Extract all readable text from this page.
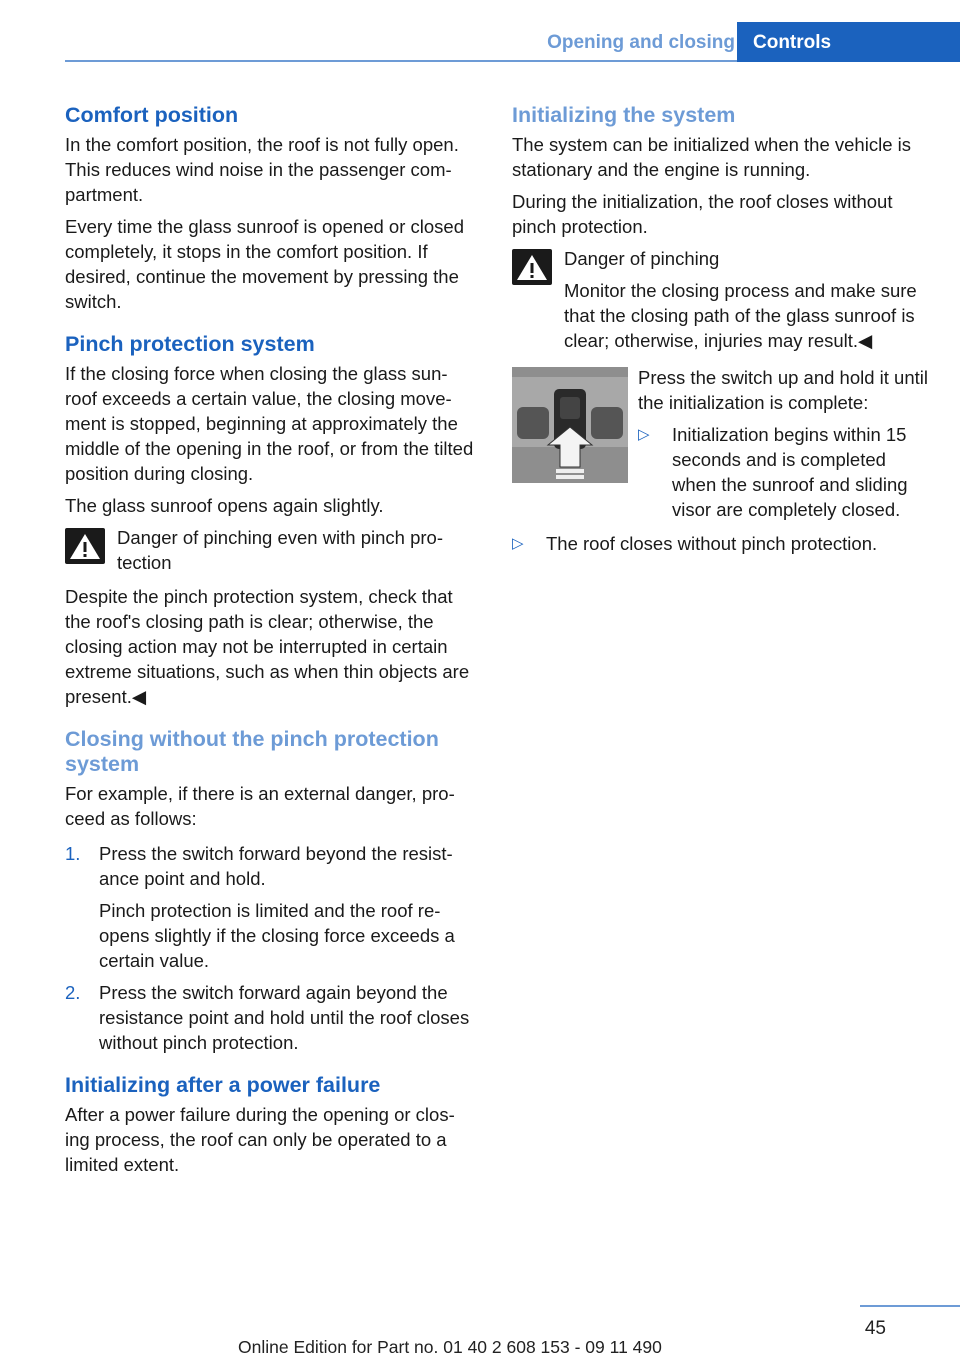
Opening and closing Controls
Comfort position

In the comfort position, the roof is not fully open. This reduces wind noise in the passenger com‐ partment.

Every time the glass sunroof is opened or closed completely, it stops in the comfort position. If desired, continue the movement by pressing the switch.

Pinch protection system

If the closing force when closing the glass sun‐ roof exceeds a certain value, the closing move‐ ment is stopped, beginning at approximately the middle of the opening in the roof, or from the tilted position during closing.

The glass sunroof opens again slightly.

Danger of pinching even with pinch pro‐ tection

Despite the pinch protection system, check that the roof's closing path is clear; otherwise, the closing action may not be interrupted in certain extreme situations, such as when thin objects are present.◀

Closing without the pinch protection system

For example, if there is an external danger, pro‐ ceed as follows:

1.	Press the switch forward beyond the resist‐ ance point and hold.

Pinch protection is limited and the roof re‐ opens slightly if the closing force exceeds a certain value.

2.	Press the switch forward again beyond the resistance point and hold until the roof closes without pinch protection.

Initializing after a power failure

After a power failure during the opening or clos‐ ing process, the roof can only be operated to a limited extent.

Initializing the system

The system can be initialized when the vehicle is stationary and the engine is running.

During the initialization, the roof closes without pinch protection.

Danger of pinching

Monitor the closing process and make sure that the closing path of the glass sunroof is clear; otherwise, injuries may result.◀

Press the switch up and hold it until the initialization is complete:

▷	Initialization begins within 15 seconds and is completed when the sunroof and sliding visor are completely closed.
▷	The roof closes without pinch protection.
45
Online Edition for Part no. 01 40 2 608 153 - 09 11 490
